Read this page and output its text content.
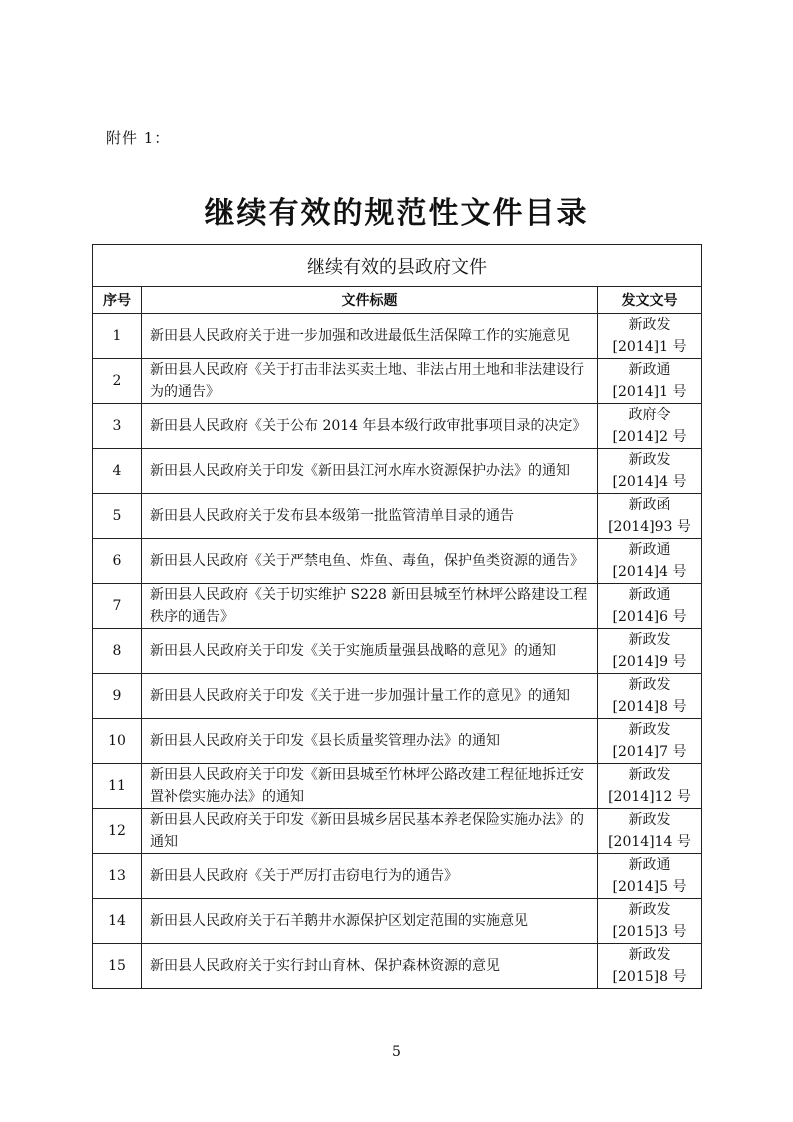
附件 1：
继续有效的规范性文件目录
继续有效的县政府文件		
序号	文件标题	发文文号
1	新田县人民政府关于进一步加强和改进最低生活保障工作的实施意见	新政发
[2014]1 号

2	新田县人民政府《关于打击非法买卖土地、非法占用土地和非法建设行为的通告》	新政通
[2014]1 号

3	新田县人民政府《关于公布 2014 年县本级行政审批事项目录的决定》	政府令
[2014]2 号

4	新田县人民政府关于印发《新田县江河水库水资源保护办法》的通知	新政发
[2014]4 号

5	新田县人民政府关于发布县本级第一批监管清单目录的通告	新政函
[2014]93 号

6	新田县人民政府《关于严禁电鱼、炸鱼、毒鱼，保护鱼类资源的通告》	新政通
[2014]4 号

7	新田县人民政府《关于切实维护 S228 新田县城至竹林坪公路建设工程秩序的通告》	新政通
[2014]6 号

8	新田县人民政府关于印发《关于实施质量强县战略的意见》的通知	新政发
[2014]9 号

9	新田县人民政府关于印发《关于进一步加强计量工作的意见》的通知	新政发
[2014]8 号

10	新田县人民政府关于印发《县长质量奖管理办法》的通知	新政发
[2014]7 号

11	新田县人民政府关于印发《新田县城至竹林坪公路改建工程征地拆迁安置补偿实施办法》的通知	新政发
[2014]12 号

12	新田县人民政府关于印发《新田县城乡居民基本养老保险实施办法》的通知	新政发
[2014]14 号

13	新田县人民政府《关于严厉打击窃电行为的通告》	新政通
[2014]5 号

14	新田县人民政府关于石羊鹅井水源保护区划定范围的实施意见	新政发
[2015]3 号

15	新田县人民政府关于实行封山育林、保护森林资源的意见	新政发
[2015]8 号
5
